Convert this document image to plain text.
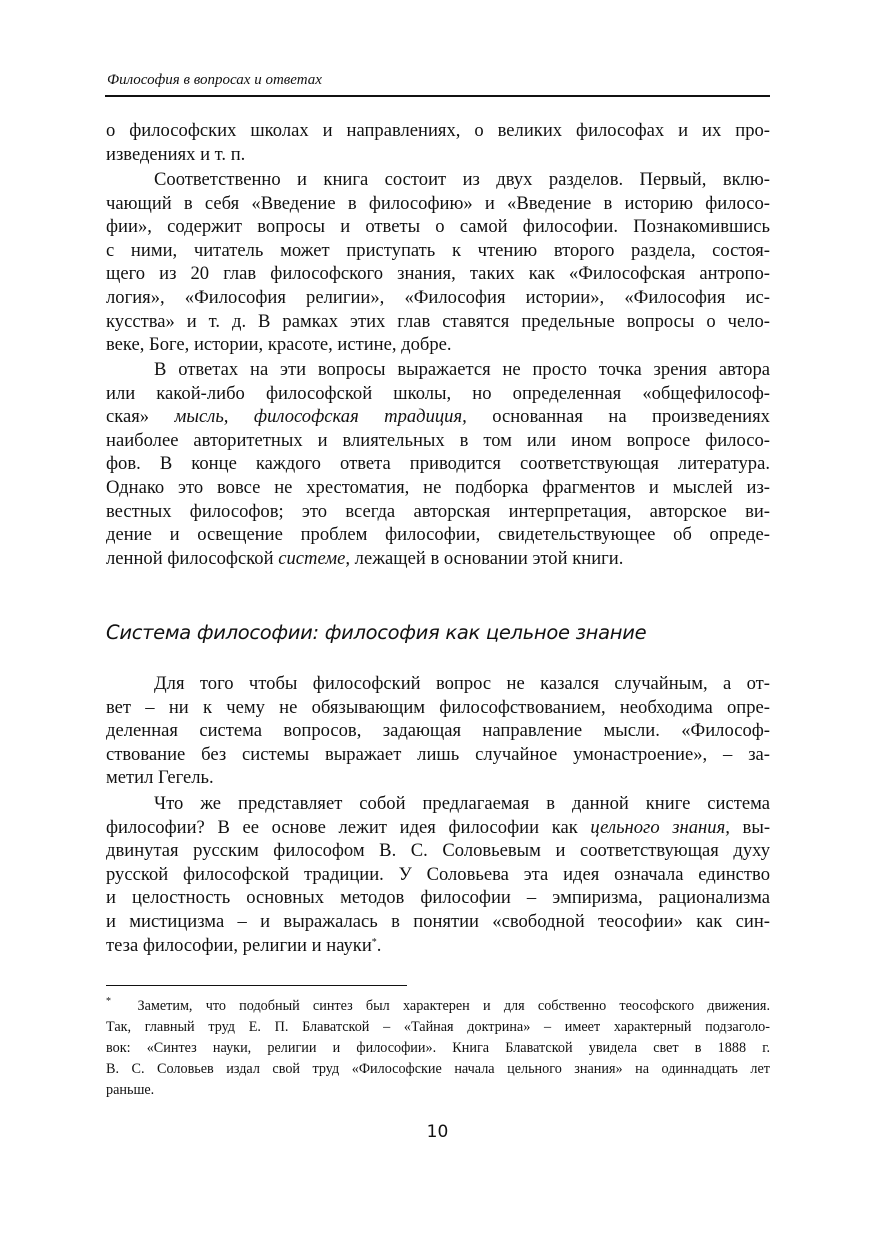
Философия в вопросах и ответах
о философских школах и направлениях, о великих философах и их про-
изведениях и т. п.
Соответственно и книга состоит из двух разделов. Первый, вклю-
чающий в себя «Введение в философию» и «Введение в историю филосо-
фии», содержит вопросы и ответы о самой философии. Познакомившись
с ними, читатель может приступать к чтению второго раздела, состоя-
щего из 20 глав философского знания, таких как «Философская антропо-
логия», «Философия религии», «Философия истории», «Философия ис-
кусства» и т. д. В рамках этих глав ставятся предельные вопросы о чело-
веке, Боге, истории, красоте, истине, добре.
В ответах на эти вопросы выражается не просто точка зрения автора
или какой-либо философской школы, но определенная «общефилософ-
ская» мысль, философская традиция, основанная на произведениях
наиболее авторитетных и влиятельных в том или ином вопросе филосо-
фов. В конце каждого ответа приводится соответствующая литература.
Однако это вовсе не хрестоматия, не подборка фрагментов и мыслей из-
вестных философов; это всегда авторская интерпретация, авторское ви-
дение и освещение проблем философии, свидетельствующее об опреде-
ленной философской системе, лежащей в основании этой книги.
Система философии: философия как цельное знание
Для того чтобы философский вопрос не казался случайным, а от-
вет – ни к чему не обязывающим философствованием, необходима опре-
деленная система вопросов, задающая направление мысли. «Философ-
ствование без системы выражает лишь случайное умонастроение», – за-
метил Гегель.
Что же представляет собой предлагаемая в данной книге система
философии? В ее основе лежит идея философии как цельного знания, вы-
двинутая русским философом В. С. Соловьевым и соответствующая духу
русской философской традиции. У Соловьева эта идея означала единство
и целостность основных методов философии – эмпиризма, рационализма
и мистицизма – и выражалась в понятии «свободной теософии» как син-
теза философии, религии и науки*.
* Заметим, что подобный синтез был характерен и для собственно теософского движения.
Так, главный труд Е. П. Блаватской – «Тайная доктрина» – имеет характерный подзаголо-
вок: «Синтез науки, религии и философии». Книга Блаватской увидела свет в 1888 г.
В. С. Соловьев издал свой труд «Философские начала цельного знания» на одиннадцать лет
раньше.
10
